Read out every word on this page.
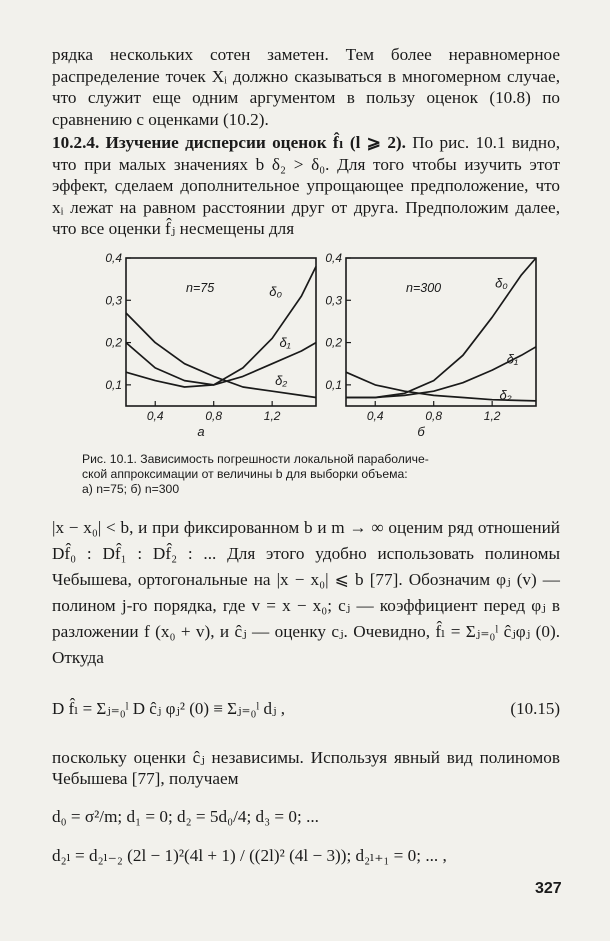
рядка нескольких сотен заметен. Тем более неравномерное распределение точек Xᵢ должно сказываться в многомерном случае, что служит еще одним аргументом в пользу оценок (10.8) по сравнению с оценками (10.2).

10.2.4. Изучение дисперсии оценок f̂ₗ (l ⩾ 2). По рис. 10.1 видно, что при малых значениях b δ₂ > δ₀. Для того чтобы изучить этот эффект, сделаем дополнительное упрощающее предположение, что xᵢ лежат на равном расстоянии друг от друга. Предположим далее, что все оценки f̂ⱼ несмещены для

0,1
0,2
0,3
0,4
0,4	0,8	1,2
а
n=75	δ₀
δ₁
δ₂	0,1
0,2
0,3
0,4
0,4	0,8	1,2
б
n=300	δ₀
δ₁
δ₂
Рис. 10.1. Зависимость погрешности локальной параболиче-
ской аппроксимации от величины b для выборки объема:
а) n=75; б) n=300

|x − x₀| < b, и при фиксированном b и m → ∞ оценим ряд отношений Df̂₀ : Df̂₁ : Df̂₂ : ... Для этого удобно использовать полиномы Чебышева, ортогональные на |x − x₀| ⩽ b [77]. Обозначим φⱼ (v) — полином j-го порядка, где v = x − x₀; cⱼ — коэффициент перед φⱼ в разложении f (x₀ + v), и ĉⱼ — оценку cⱼ. Очевидно, f̂ₗ = Σⱼ₌₀ˡ ĉⱼφⱼ (0). Откуда

D f̂ₗ = Σⱼ₌₀ˡ D ĉⱼ φⱼ² (0) ≡ Σⱼ₌₀ˡ dⱼ ,	(10.15)

поскольку оценки ĉⱼ независимы. Используя явный вид полиномов Чебышева [77], получаем

d₀ = σ²/m; d₁ = 0; d₂ = 5d₀/4; d₃ = 0; ...

d₂ₗ = d₂ₗ₋₂ (2l − 1)²(4l + 1) / ((2l)² (4l − 3)); d₂ₗ₊₁ = 0; ... ,

327
